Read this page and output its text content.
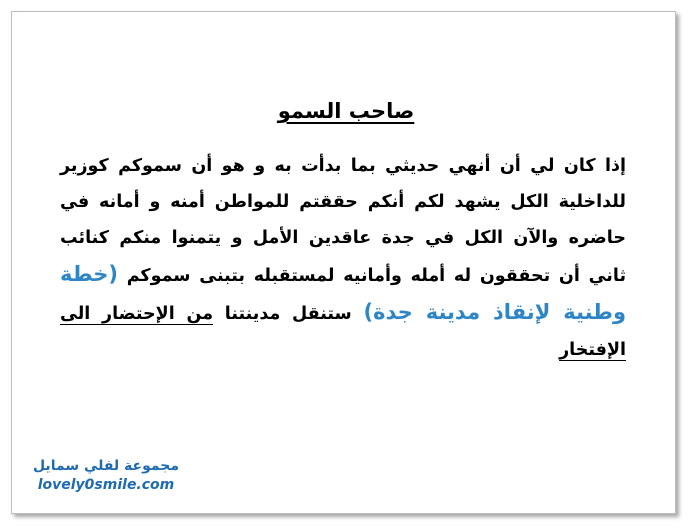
صاحب السمو

إذا كان لي أن أنهي حديثي بما بدأت به و هو أن سموكم كوزير للداخلية الكل يشهد لكم أنكم حققتم للمواطن أمنه و أمانه في حاضره والآن الكل في جدة عاقدين الأمل و يتمنوا منكم كنائب ثاني أن تحققون له أمله وأمانيه لمستقبله بتبنى سموكم (خطة وطنية لإنقاذ مدينة جدة) ستنقل مدينتنا من الإحتضار الى الإفتخار

مجموعة لفلي سمايل
lovely0smile.com
